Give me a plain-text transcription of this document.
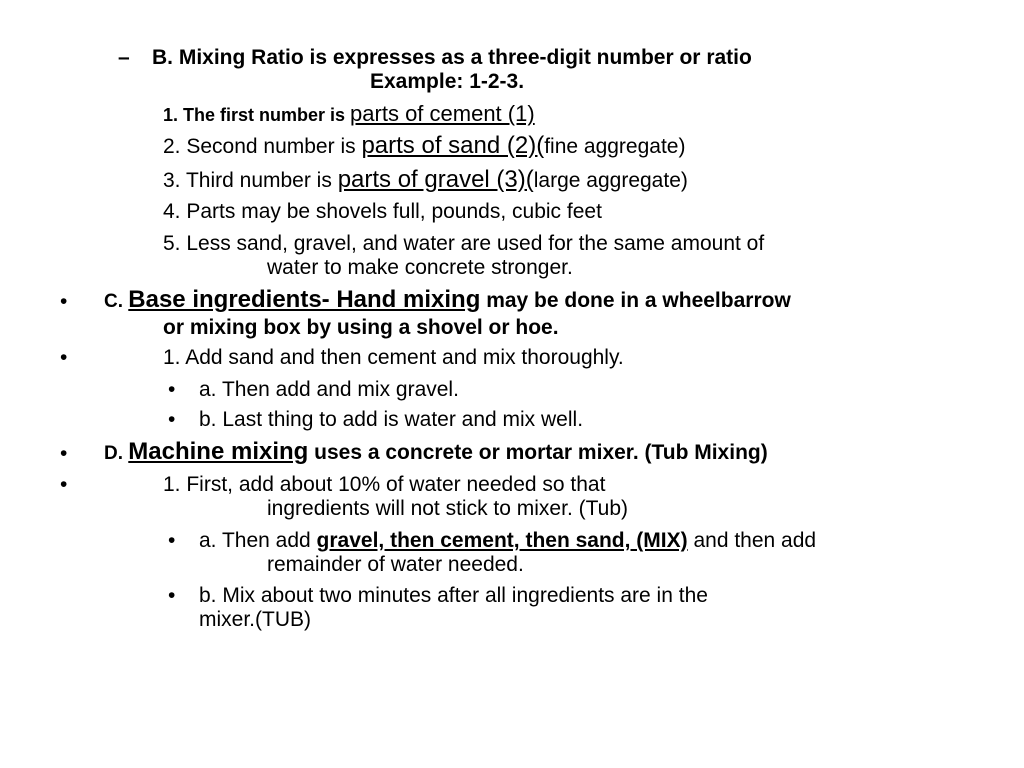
– B. Mixing Ratio is expresses as a three-digit number or ratio
Example: 1-2-3.
1. The first number is parts of cement (1)
2. Second number is parts of sand (2)(fine aggregate)
3. Third number is parts of gravel (3)(large aggregate)
4. Parts may be shovels full, pounds, cubic feet
5. Less sand, gravel, and water are used for the same amount of
water to make concrete stronger.
• C. Base ingredients- Hand mixing may be done in a wheelbarrow
or mixing box by using a shovel or hoe.
•	1. Add sand and then cement and mix thoroughly.
• a. Then add and mix gravel.
• b. Last thing to add is water and mix well.
• D. Machine mixing uses a concrete or mortar mixer. (Tub Mixing)
•	1. First, add about 10% of water needed so that
ingredients will not stick to mixer. (Tub)
• a. Then add gravel, then cement, then sand, (MIX) and then add
remainder of water needed.
• b. Mix about two minutes after all ingredients are in the
mixer.(TUB)
